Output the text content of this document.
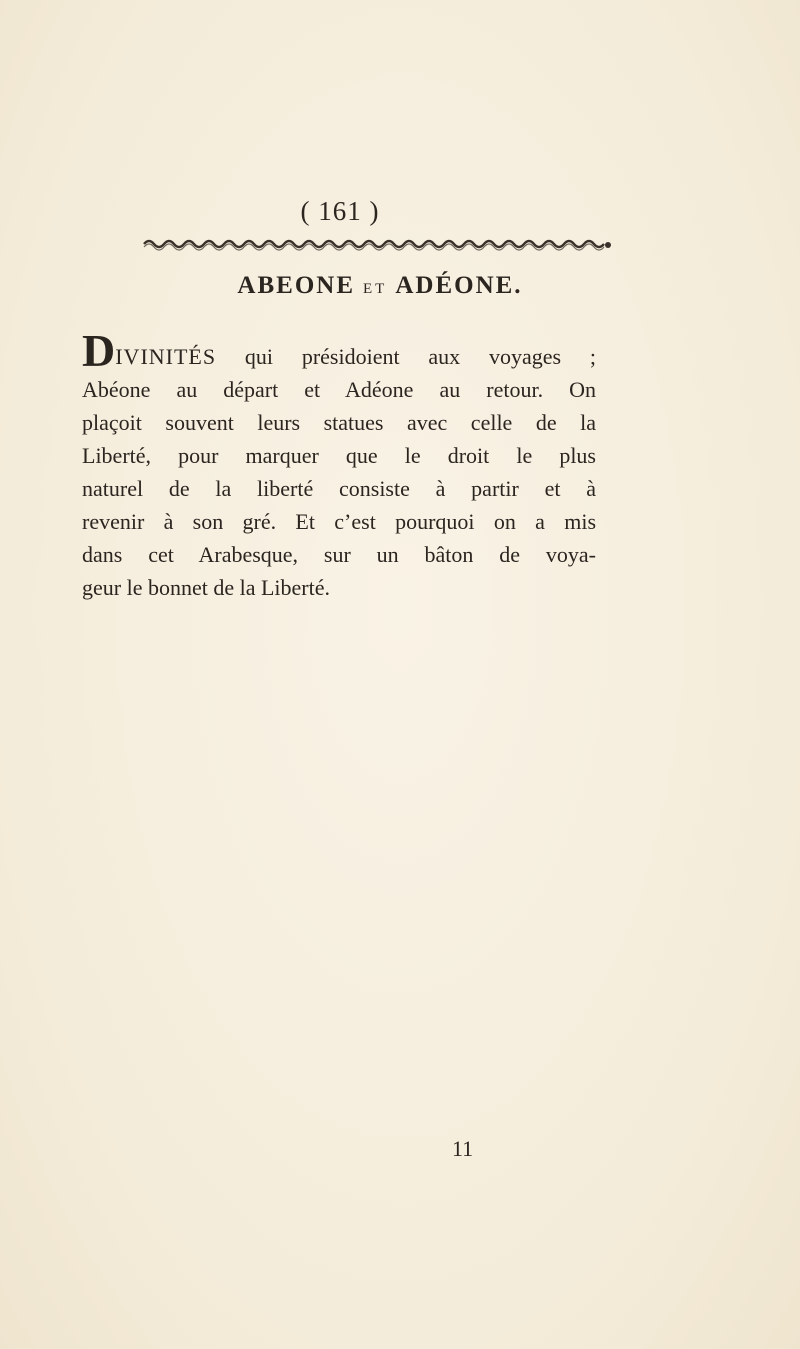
( 161 )
ABEONE ET ADÉONE.
DIVINITÉS qui présidoient aux voyages ;
Abéone au départ et Adéone au retour. On
plaçoit souvent leurs statues avec celle de la
Liberté, pour marquer que le droit le plus
naturel de la liberté consiste à partir et à
revenir à son gré. Et c’est pourquoi on a mis
dans cet Arabesque, sur un bâton de voya-
geur le bonnet de la Liberté.
11
